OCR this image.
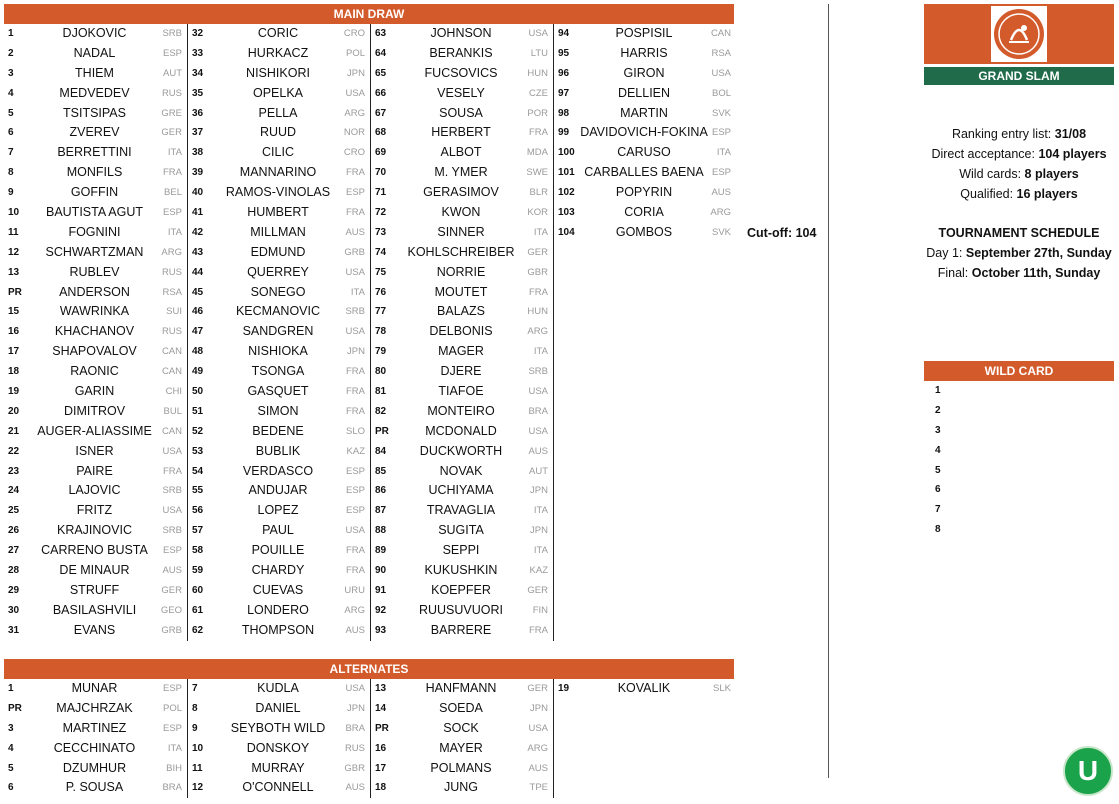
MAIN DRAW
1	DJOKOVIC	SRB
2	NADAL	ESP
3	THIEM	AUT
4	MEDVEDEV	RUS
5	TSITSIPAS	GRE
6	ZVEREV	GER
7	BERRETTINI	ITA
8	MONFILS	FRA
9	GOFFIN	BEL
10	BAUTISTA AGUT	ESP
11	FOGNINI	ITA
12	SCHWARTZMAN	ARG
13	RUBLEV	RUS
PR	ANDERSON	RSA
15	WAWRINKA	SUI
16	KHACHANOV	RUS
17	SHAPOVALOV	CAN
18	RAONIC	CAN
19	GARIN	CHI
20	DIMITROV	BUL
21	AUGER-ALIASSIME	CAN
22	ISNER	USA
23	PAIRE	FRA
24	LAJOVIC	SRB
25	FRITZ	USA
26	KRAJINOVIC	SRB
27	CARRENO BUSTA	ESP
28	DE MINAUR	AUS
29	STRUFF	GER
30	BASILASHVILI	GEO
31	EVANS	GRB
32	CORIC	CRO
33	HURKACZ	POL
34	NISHIKORI	JPN
35	OPELKA	USA
36	PELLA	ARG
37	RUUD	NOR
38	CILIC	CRO
39	MANNARINO	FRA
40	RAMOS-VINOLAS	ESP
41	HUMBERT	FRA
42	MILLMAN	AUS
43	EDMUND	GRB
44	QUERREY	USA
45	SONEGO	ITA
46	KECMANOVIC	SRB
47	SANDGREN	USA
48	NISHIOKA	JPN
49	TSONGA	FRA
50	GASQUET	FRA
51	SIMON	FRA
52	BEDENE	SLO
53	BUBLIK	KAZ
54	VERDASCO	ESP
55	ANDUJAR	ESP
56	LOPEZ	ESP
57	PAUL	USA
58	POUILLE	FRA
59	CHARDY	FRA
60	CUEVAS	URU
61	LONDERO	ARG
62	THOMPSON	AUS
63	JOHNSON	USA
64	BERANKIS	LTU
65	FUCSOVICS	HUN
66	VESELY	CZE
67	SOUSA	POR
68	HERBERT	FRA
69	ALBOT	MDA
70	M. YMER	SWE
71	GERASIMOV	BLR
72	KWON	KOR
73	SINNER	ITA
74	KOHLSCHREIBER	GER
75	NORRIE	GBR
76	MOUTET	FRA
77	BALAZS	HUN
78	DELBONIS	ARG
79	MAGER	ITA
80	DJERE	SRB
81	TIAFOE	USA
82	MONTEIRO	BRA
PR	MCDONALD	USA
84	DUCKWORTH	AUS
85	NOVAK	AUT
86	UCHIYAMA	JPN
87	TRAVAGLIA	ITA
88	SUGITA	JPN
89	SEPPI	ITA
90	KUKUSHKIN	KAZ
91	KOEPFER	GER
92	RUUSUVUORI	FIN
93	BARRERE	FRA
94	POSPISIL	CAN
95	HARRIS	RSA
96	GIRON	USA
97	DELLIEN	BOL
98	MARTIN	SVK
99 DAVIDOVICH-FOKINA ESP
100	CARUSO	ITA
101 CARBALLES BAENA ESP
102	POPYRIN	AUS
103	CORIA	ARG
104	GOMBOS	SVK Cut-off: 104
ALTERNATES
1	MUNAR	ESP
PR	MAJCHRZAK	POL
3	MARTINEZ	ESP
4	CECCHINATO	ITA
5	DZUMHUR	BIH
6	P. SOUSA	BRA
7	KUDLA	USA
8	DANIEL	JPN
9	SEYBOTH WILD	BRA
10	DONSKOY	RUS
11	MURRAY	GBR
12	O'CONNELL	AUS
13	HANFMANN	GER
14	SOEDA	JPN
PR	SOCK	USA
16	MAYER	ARG
17	POLMANS	AUS
18	JUNG	TPE
19	KOVALIK	SLK
GRAND SLAM
Ranking entry list: 31/08
Direct acceptance: 104 players
Wild cards: 8 players
Qualified: 16 players
TOURNAMENT SCHEDULE
Day 1: September 27th, Sunday
Final: October 11th, Sunday
WILD CARD
1
2
3
4
5
6
7
8
U
